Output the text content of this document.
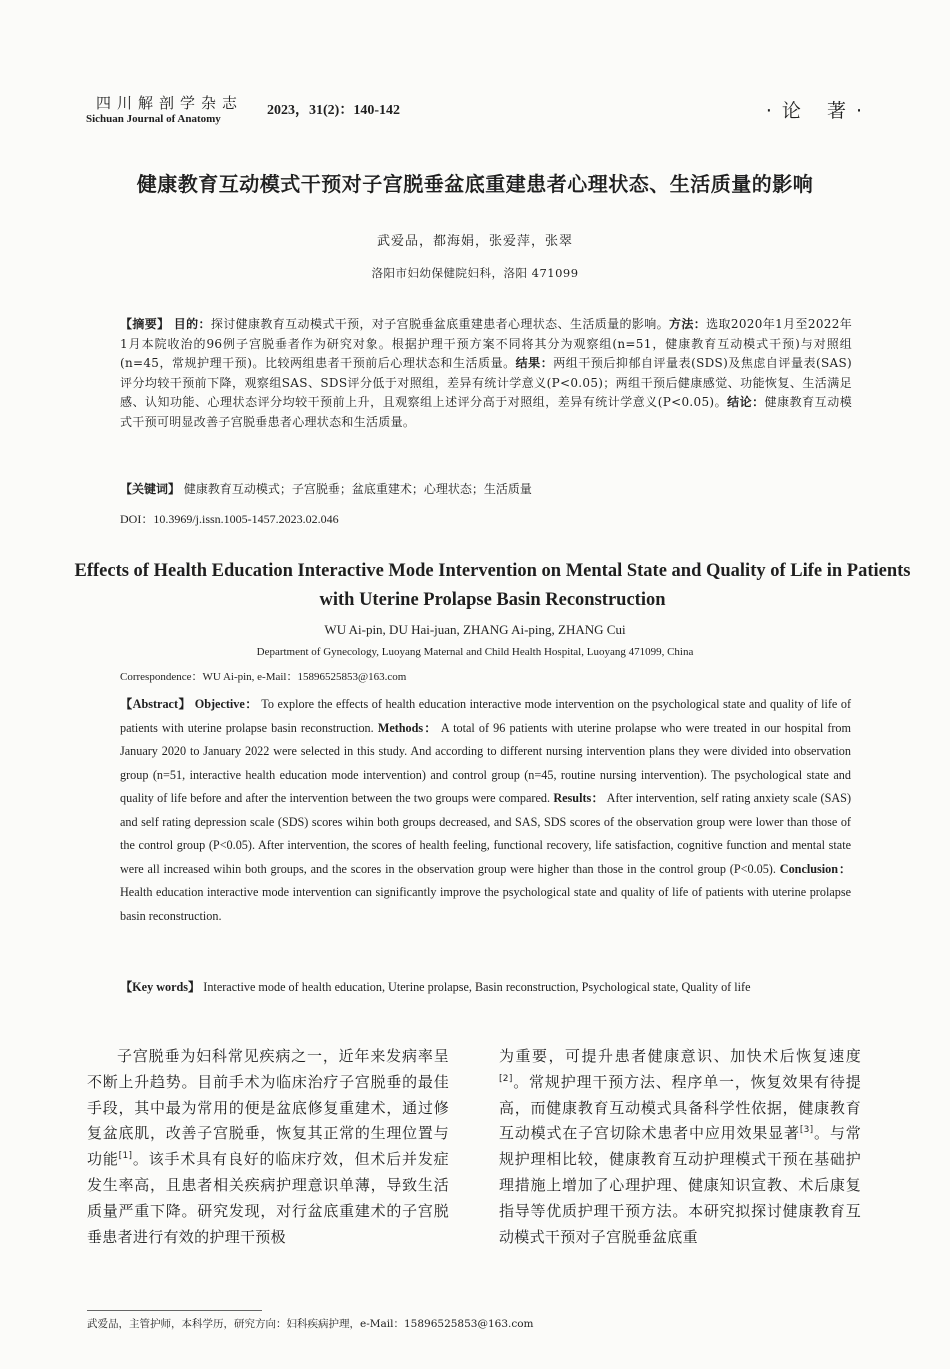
四川解剖学杂志
Sichuan Journal of Anatomy
2023，31(2)：140-142	·论 著·
健康教育互动模式干预对子宫脱垂盆底重建患者心理状态、生活质量的影响
武爱品，都海娟，张爱萍，张翠
洛阳市妇幼保健院妇科，洛阳 471099
【摘要】 目的：探讨健康教育互动模式干预，对子宫脱垂盆底重建患者心理状态、生活质量的影响。方法：选取2020年1月至2022年1月本院收治的96例子宫脱垂者作为研究对象。根据护理干预方案不同将其分为观察组(n=51，健康教育互动模式干预)与对照组(n=45，常规护理干预)。比较两组患者干预前后心理状态和生活质量。结果：两组干预后抑郁自评量表(SDS)及焦虑自评量表(SAS)评分均较干预前下降，观察组SAS、SDS评分低于对照组，差异有统计学意义(P<0.05)；两组干预后健康感觉、功能恢复、生活满足感、认知功能、心理状态评分均较干预前上升，且观察组上述评分高于对照组，差异有统计学意义(P<0.05)。结论：健康教育互动模式干预可明显改善子宫脱垂患者心理状态和生活质量。
【关键词】 健康教育互动模式；子宫脱垂；盆底重建术；心理状态；生活质量
DOI：10.3969/j.issn.1005-1457.2023.02.046
Effects of Health Education Interactive Mode Intervention on Mental State and Quality of Life in Patients with Uterine Prolapse Basin Reconstruction
WU Ai-pin, DU Hai-juan, ZHANG Ai-ping, ZHANG Cui
Department of Gynecology, Luoyang Maternal and Child Health Hospital, Luoyang 471099, China
Correspondence：WU Ai-pin, e-Mail：15896525853@163.com
【Abstract】 Objective： To explore the effects of health education interactive mode intervention on the psychological state and quality of life of patients with uterine prolapse basin reconstruction. Methods： A total of 96 patients with uterine prolapse who were treated in our hospital from January 2020 to January 2022 were selected in this study. And according to different nursing intervention plans they were divided into observation group (n=51, interactive health education mode intervention) and control group (n=45, routine nursing intervention). The psychological state and quality of life before and after the intervention between the two groups were compared. Results： After intervention, self rating anxiety scale (SAS) and self rating depression scale (SDS) scores wihin both groups decreased, and SAS, SDS scores of the observation group were lower than those of the control group (P<0.05). After intervention, the scores of health feeling, functional recovery, life satisfaction, cognitive function and mental state were all increased wihin both groups, and the scores in the observation group were higher than those in the control group (P<0.05). Conclusion： Health education interactive mode intervention can significantly improve the psychological state and quality of life of patients with uterine prolapse basin reconstruction.
【Key words】 Interactive mode of health education, Uterine prolapse, Basin reconstruction, Psychological state, Quality of life
子宫脱垂为妇科常见疾病之一，近年来发病率呈不断上升趋势。目前手术为临床治疗子宫脱垂的最佳手段，其中最为常用的便是盆底修复重建术，通过修复盆底肌，改善子宫脱垂，恢复其正常的生理位置与功能[1]。该手术具有良好的临床疗效，但术后并发症发生率高，且患者相关疾病护理意识单薄，导致生活质量严重下降。研究发现，对行盆底重建术的子宫脱垂患者进行有效的护理干预极
为重要，可提升患者健康意识、加快术后恢复速度[2]。常规护理干预方法、程序单一，恢复效果有待提高，而健康教育互动模式具备科学性依据，健康教育互动模式在子宫切除术患者中应用效果显著[3]。与常规护理相比较，健康教育互动护理模式干预在基础护理措施上增加了心理护理、健康知识宣教、术后康复指导等优质护理干预方法。本研究拟探讨健康教育互动模式干预对子宫脱垂盆底重
武爱品，主管护师，本科学历，研究方向：妇科疾病护理，e-Mail：15896525853@163.com
